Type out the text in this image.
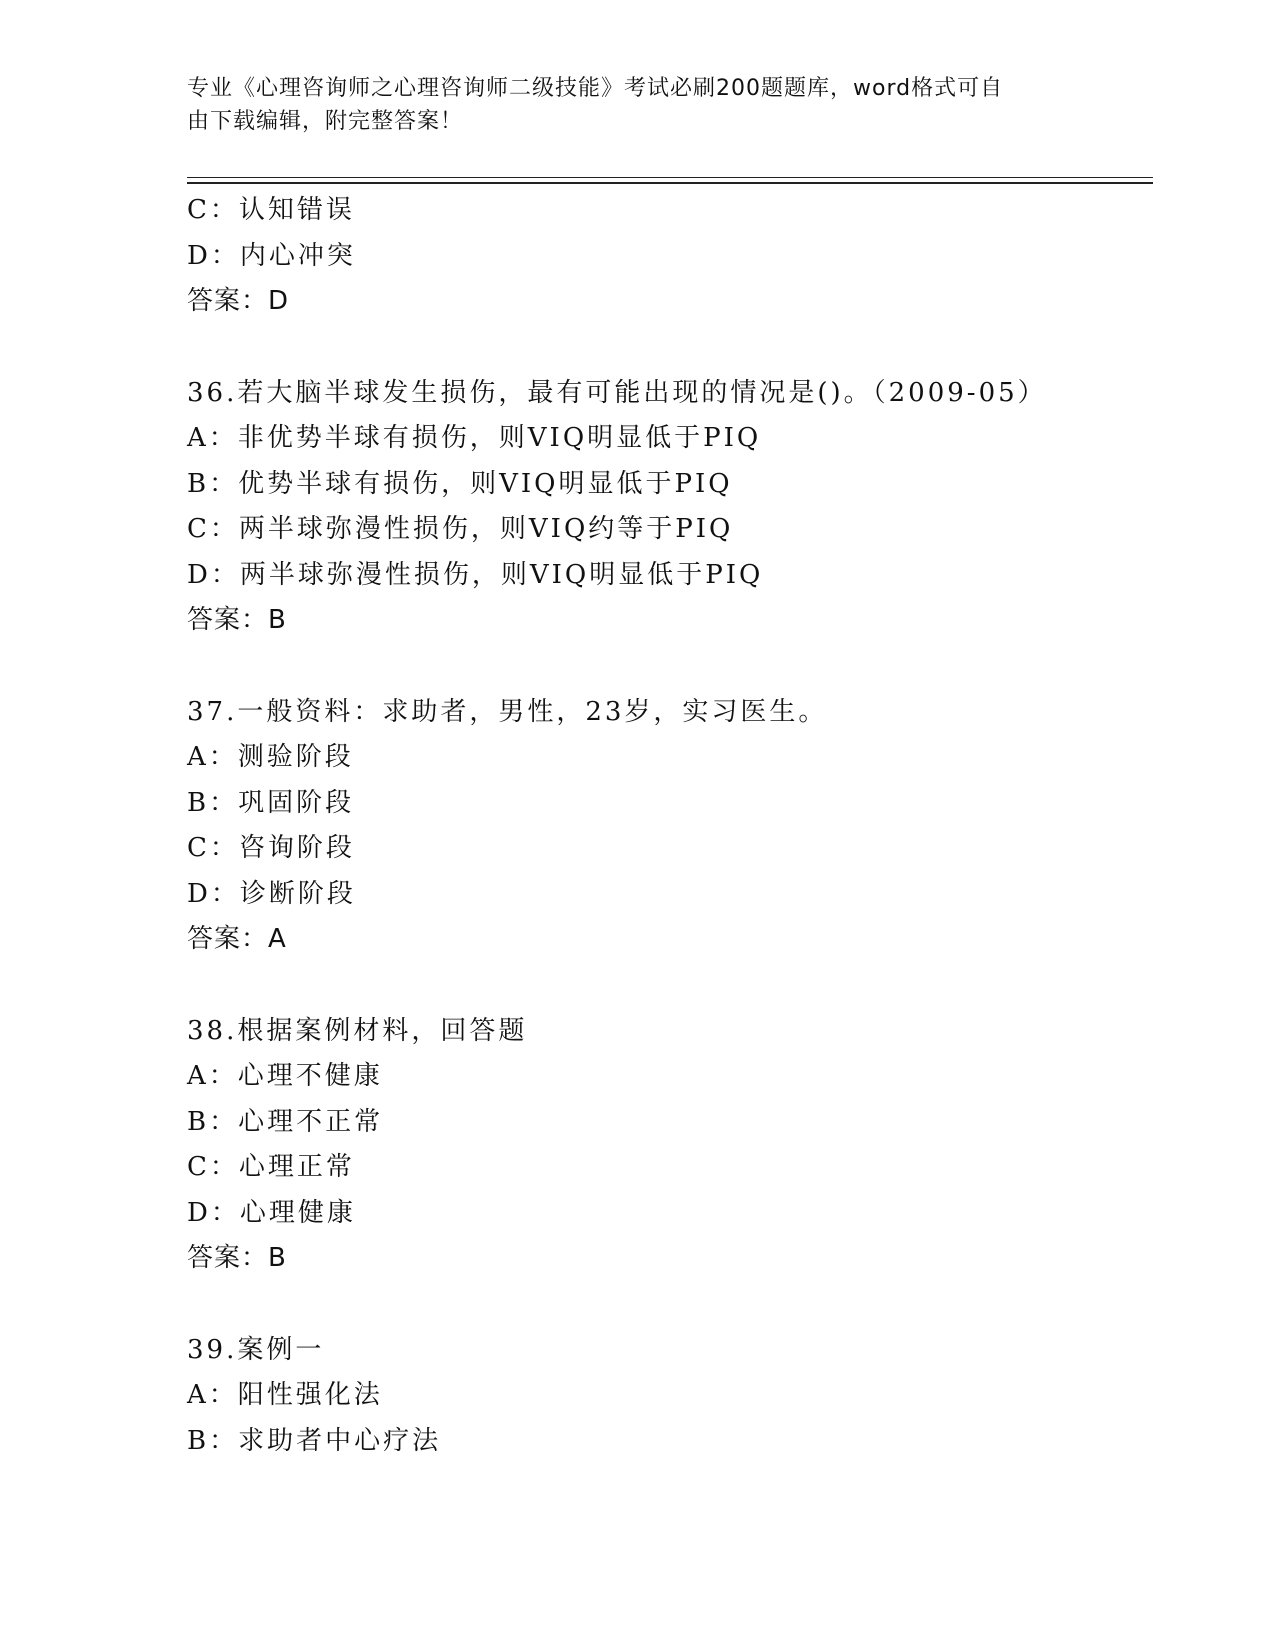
专业《心理咨询师之心理咨询师二级技能》考试必刷200题题库，word格式可自
由下载编辑，附完整答案！
C：认知错误
D：内心冲突
答案：D
36.若大脑半球发生损伤，最有可能出现的情况是()。（2009-05）
A：非优势半球有损伤，则VIQ明显低于PIQ
B：优势半球有损伤，则VIQ明显低于PIQ
C：两半球弥漫性损伤，则VIQ约等于PIQ
D：两半球弥漫性损伤，则VIQ明显低于PIQ
答案：B
37.一般资料：求助者，男性，23岁，实习医生。
A：测验阶段
B：巩固阶段
C：咨询阶段
D：诊断阶段
答案：A
38.根据案例材料，回答题
A：心理不健康
B：心理不正常
C：心理正常
D：心理健康
答案：B
39.案例一
A：阳性强化法
B：求助者中心疗法
